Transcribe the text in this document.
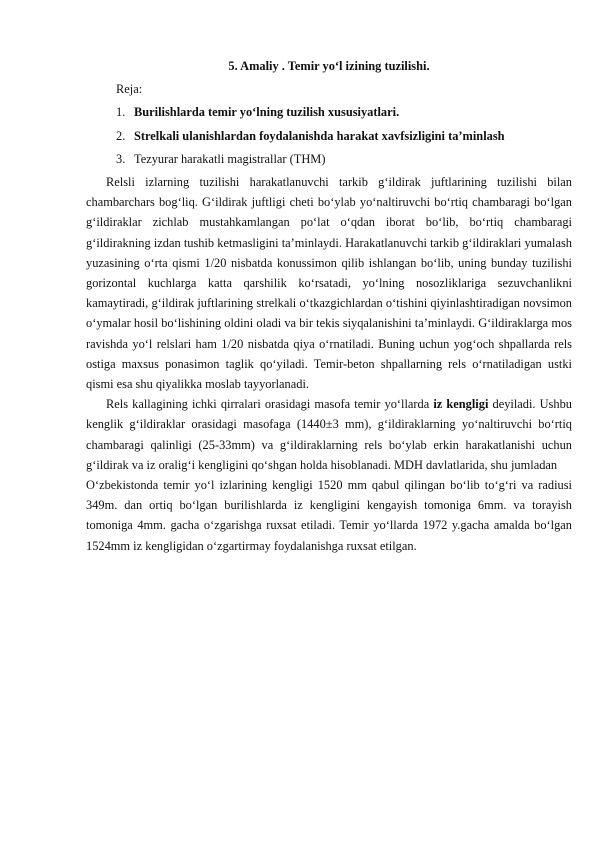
5. Amaliy . Temir yo‘l izining tuzilishi.
Reja:
1. Burilishlarda temir yo‘lning tuzilish xususiyatlari.
2. Strelkali ulanishlardan foydalanishda harakat xavfsizligini ta’minlash
3. Tezyurar harakatli magistrallar (THM)

Relsli izlarning tuzilishi harakatlanuvchi tarkib g‘ildirak juftlarining tuzilishi bilan chambarchars bog‘liq. G‘ildirak juftligi cheti bo‘ylab yo‘naltiruvchi bo‘rtiq chambaragi bo‘lgan g‘ildiraklar zichlab mustahkamlangan po‘lat o‘qdan iborat bo‘lib, bo‘rtiq chambaragi g‘ildirakning izdan tushib ketmasligini ta’minlaydi. Harakatlanuvchi tarkib g‘ildiraklari yumalash yuzasining o‘rta qismi 1/20 nisbatda konussimon qilib ishlangan bo‘lib, uning bunday tuzilishi gorizontal kuchlarga katta qarshilik ko‘rsatadi, yo‘lning nosozliklariga sezuvchanlikni kamaytiradi, g‘ildirak juftlarining strelkali o‘tkazgichlardan o‘tishini qiyinlashtiradigan novsimon o‘ymalar hosil bo‘lishining oldini oladi va bir tekis siyqalanishini ta’minlaydi. G‘ildiraklarga mos ravishda yo‘l relslari ham 1/20 nisbatda qiya o‘rnatiladi. Buning uchun yog‘och shpallarda rels ostiga maxsus ponasimon taglik qo‘yiladi. Temir-beton shpallarning rels o‘rnatiladigan ustki qismi esa shu qiyalikka moslab tayyorlanadi.

Rels kallagining ichki qirralari orasidagi masofa temir yo‘llarda iz kengligi deyiladi. Ushbu kenglik g‘ildiraklar orasidagi masofaga (1440±3 mm), g‘ildiraklarning yo‘naltiruvchi bo‘rtiq chambaragi qalinligi (25-33mm) va g‘ildiraklarning rels bo‘ylab erkin harakatlanishi uchun g‘ildirak va iz oralig‘i kengligini qo‘shgan holda hisoblanadi. MDH davlatlarida, shu jumladan

O‘zbekistonda temir yo‘l izlarining kengligi 1520 mm qabul qilingan bo‘lib to‘g‘ri va radiusi 349m. dan ortiq bo‘lgan burilishlarda iz kengligini kengayish tomoniga 6mm. va torayish tomoniga 4mm. gacha o‘zgarishga ruxsat etiladi. Temir yo‘llarda 1972 y.gacha amalda bo‘lgan 1524mm iz kengligidan o‘zgartirmay foydalanishga ruxsat etilgan.
